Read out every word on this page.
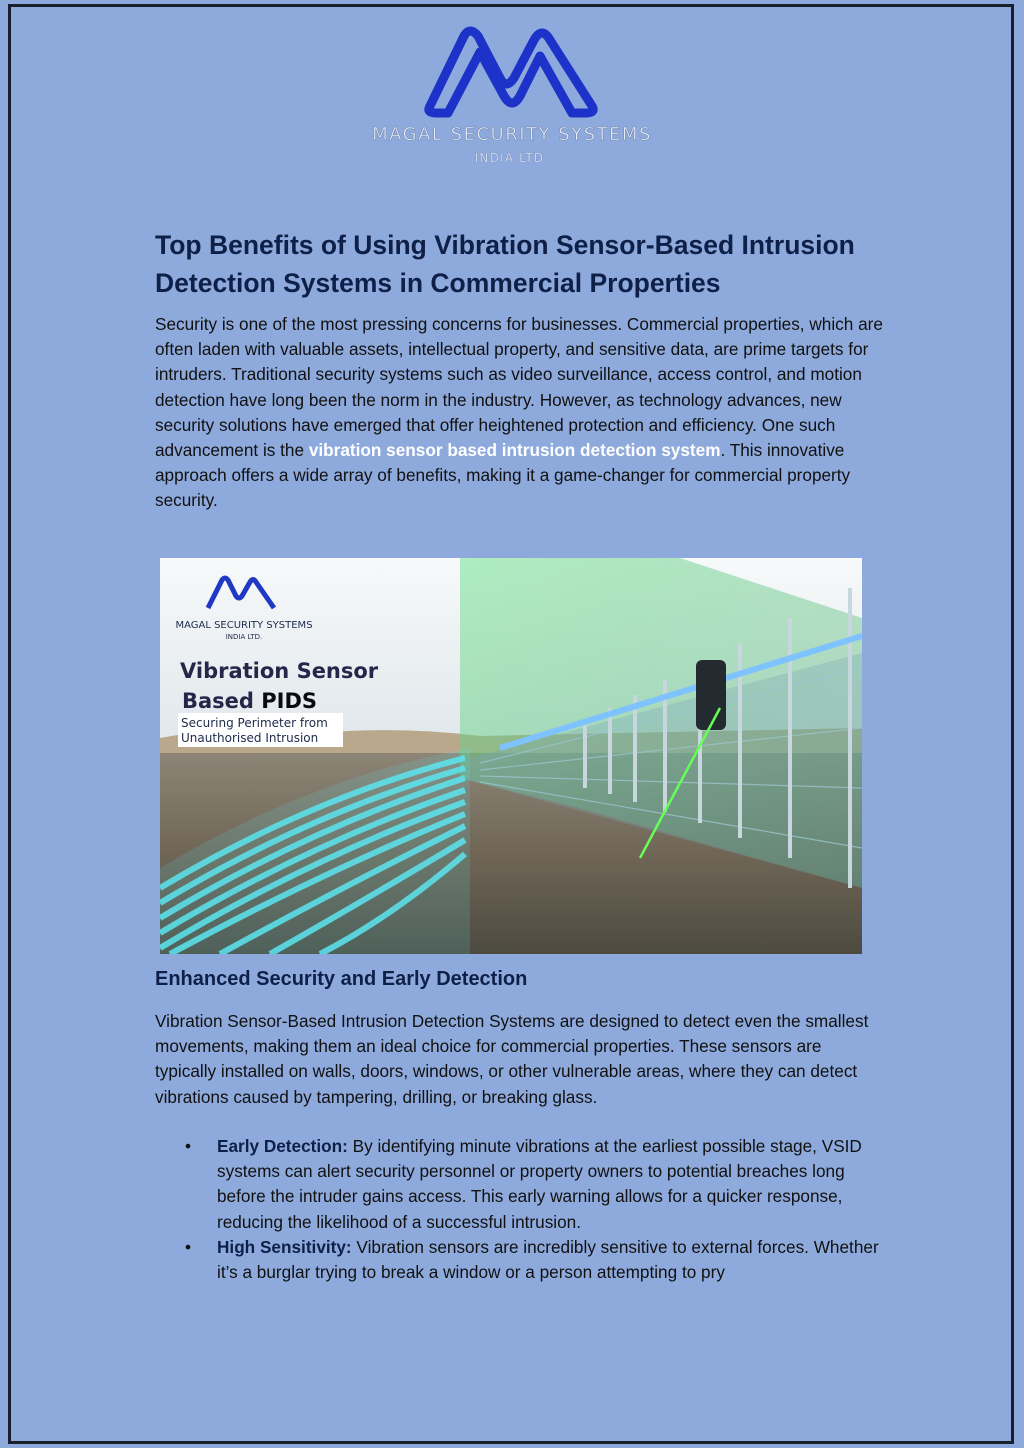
MAGAL SECURITY SYSTEMS
INDIA LTD.
Top Benefits of Using Vibration Sensor-Based Intrusion Detection Systems in Commercial Properties

Security is one of the most pressing concerns for businesses. Commercial properties, which are often laden with valuable assets, intellectual property, and sensitive data, are prime targets for intruders. Traditional security systems such as video surveillance, access control, and motion detection have long been the norm in the industry. However, as technology advances, new security solutions have emerged that offer heightened protection and efficiency. One such advancement is the vibration sensor based intrusion detection system. This innovative approach offers a wide array of benefits, making it a game-changer for commercial property security.

MAGAL SECURITY SYSTEMS
INDIA LTD.
Vibration Sensor
Based PIDS
Securing Perimeter from
Unauthorised Intrusion
Enhanced Security and Early Detection

Vibration Sensor-Based Intrusion Detection Systems are designed to detect even the smallest movements, making them an ideal choice for commercial properties. These sensors are typically installed on walls, doors, windows, or other vulnerable areas, where they can detect vibrations caused by tampering, drilling, or breaking glass.

• Early Detection: By identifying minute vibrations at the earliest possible stage, VSID systems can alert security personnel or property owners to potential breaches long before the intruder gains access. This early warning allows for a quicker response, reducing the likelihood of a successful intrusion.
• High Sensitivity: Vibration sensors are incredibly sensitive to external forces. Whether it’s a burglar trying to break a window or a person attempting to pry
